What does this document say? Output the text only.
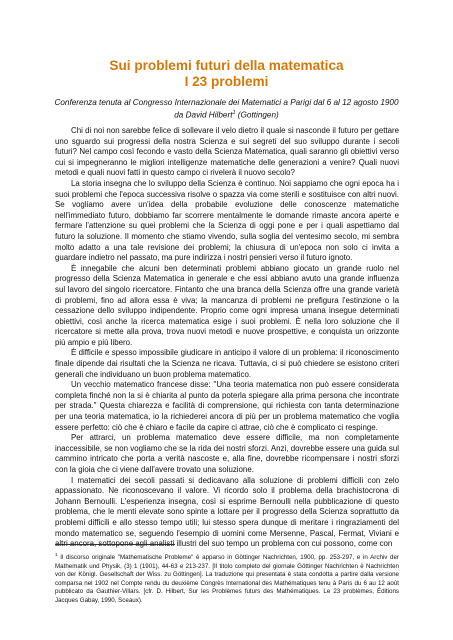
Sui problemi futuri della matematica
I 23 problemi
Conferenza tenuta al Congresso Internazionale dei Matematici a Parigi dal 6 al 12 agosto 1900
da David Hilbert$^1$ (Gottingen)

Chi di noi non sarebbe felice di sollevare il velo dietro il quale si nasconde il futuro per gettare uno sguardo sui progressi della nostra Scienza e sui segreti del suo sviluppo durante i secoli futuri? Nel campo così fecondo e vasto della Scienza Matematica, quali saranno gli obiettivi verso cui si impegneranno le migliori intelligenze matematiche delle generazioni a venire? Quali nuovi metodi e quali nuovi fatti in questo campo ci rivelerà il nuovo secolo?

La storia insegna che lo sviluppo della Scienza è continuo. Noi sappiamo che ogni epoca ha i suoi problemi che l'epoca successiva risolve o spazza via come sterili e sostituisce con altri nuovi. Se vogliamo avere un'idea della probabile evoluzione delle conoscenze matematiche nell'immediato futuro, dobbiamo far scorrere mentalmente le domande rimaste ancora aperte e fermare l'attenzione su quei problemi che la Scienza di oggi pone e per i quali aspettiamo dal futuro la soluzione. Il momento che stiamo vivendo, sulla soglia del ventesimo secolo, mi sembra molto adatto a una tale revisione dei problemi; la chiusura di un'epoca non solo ci invita a guardare indietro nel passato, ma pure indirizza i nostri pensieri verso il futuro ignoto.

È innegabile che alcuni ben determinati problemi abbiano giocato un grande ruolo nel progresso della Scienza Matematica in generale e che essi abbiano avuto una grande influenza sul lavoro del singolo ricercatore. Fintanto che una branca della Scienza offre una grande varietà di problemi, fino ad allora essa è viva; la mancanza di problemi ne prefigura l'estinzione o la cessazione dello sviluppo indipendente. Proprio come ogni impresa umana insegue determinati obiettivi, così anche la ricerca matematica esige i suoi problemi. È nella loro soluzione che il ricercatore si mette alla prova, trova nuovi metodi e nuove prospettive, e conquista un orizzonte più ampio e più libero.

È difficile e spesso impossibile giudicare in anticipo il valore di un problema: il riconoscimento finale dipende dai risultati che la Scienza ne ricava. Tuttavia, ci si può chiedere se esistono criteri generali che individuano un buon problema matematico.

Un vecchio matematico francese disse: "Una teoria matematica non può essere considerata completa finché non la si è chiarita al punto da poterla spiegare alla prima persona che incontrate per strada." Questa chiarezza e facilità di comprensione, qui richiesta con tanta determinazione per una teoria matematica, io la richiederei ancora di più per un problema matematico che voglia essere perfetto: ciò che è chiaro e facile da capire ci attrae, ciò che è complicato ci respinge.

Per attrarci, un problema matematico deve essere difficile, ma non completamente inaccessibile, se non vogliamo che se la rida dei nostri sforzi. Anzi, dovrebbe essere una guida sul cammino intricato che porta a verità nascoste e, alla fine, dovrebbe ricompensare i nostri sforzi con la gioia che ci viene dall'avere trovato una soluzione.

I matematici dei secoli passati si dedicavano alla soluzione di problemi difficili con zelo appassionato. Ne riconoscevano il valore. Vi ricordo solo il problema della brachistocrona di Johann Bernoulli. L'esperienza insegna, così si esprime Bernoulli nella pubblicazione di questo problema, che le menti elevate sono spinte a lottare per il progresso della Scienza soprattutto da problemi difficili e allo stesso tempo utili; lui stesso spera dunque di meritare i ringraziamenti del mondo matematico se, seguendo l'esempio di uomini come Mersenne, Pascal, Fermat, Viviani e altri ancora, sottopone agli analisti illustri del suo tempo un problema con cui possono, come con

$^1$ Il discorso originale "Mathematische Probleme" è apparso in Göttinger Nachrichten, 1900, pp. 253-297, e in Archiv der Mathematik und Physik, (3) 1 (1901), 44-63 e 213-237. [Il titolo completo del giornale Göttinger Nachrichten è Nachrichten von der Königl. Gesellschaft der Wiss. zu Göttingen]. La traduzione qui presentata è stata condotta a partire dalla versione comparsa nel 1902 nel Compte rendu du deuxième Congrès International des Mathématiques tenu à Paris du 6 au 12 août pubblicato da Gauthier-Villars. [cfr. D. Hilbert, Sur les Problèmes futurs des Mathématiques. Le 23 problèmes, Éditions Jacques Gabay, 1990, Sceaux).
